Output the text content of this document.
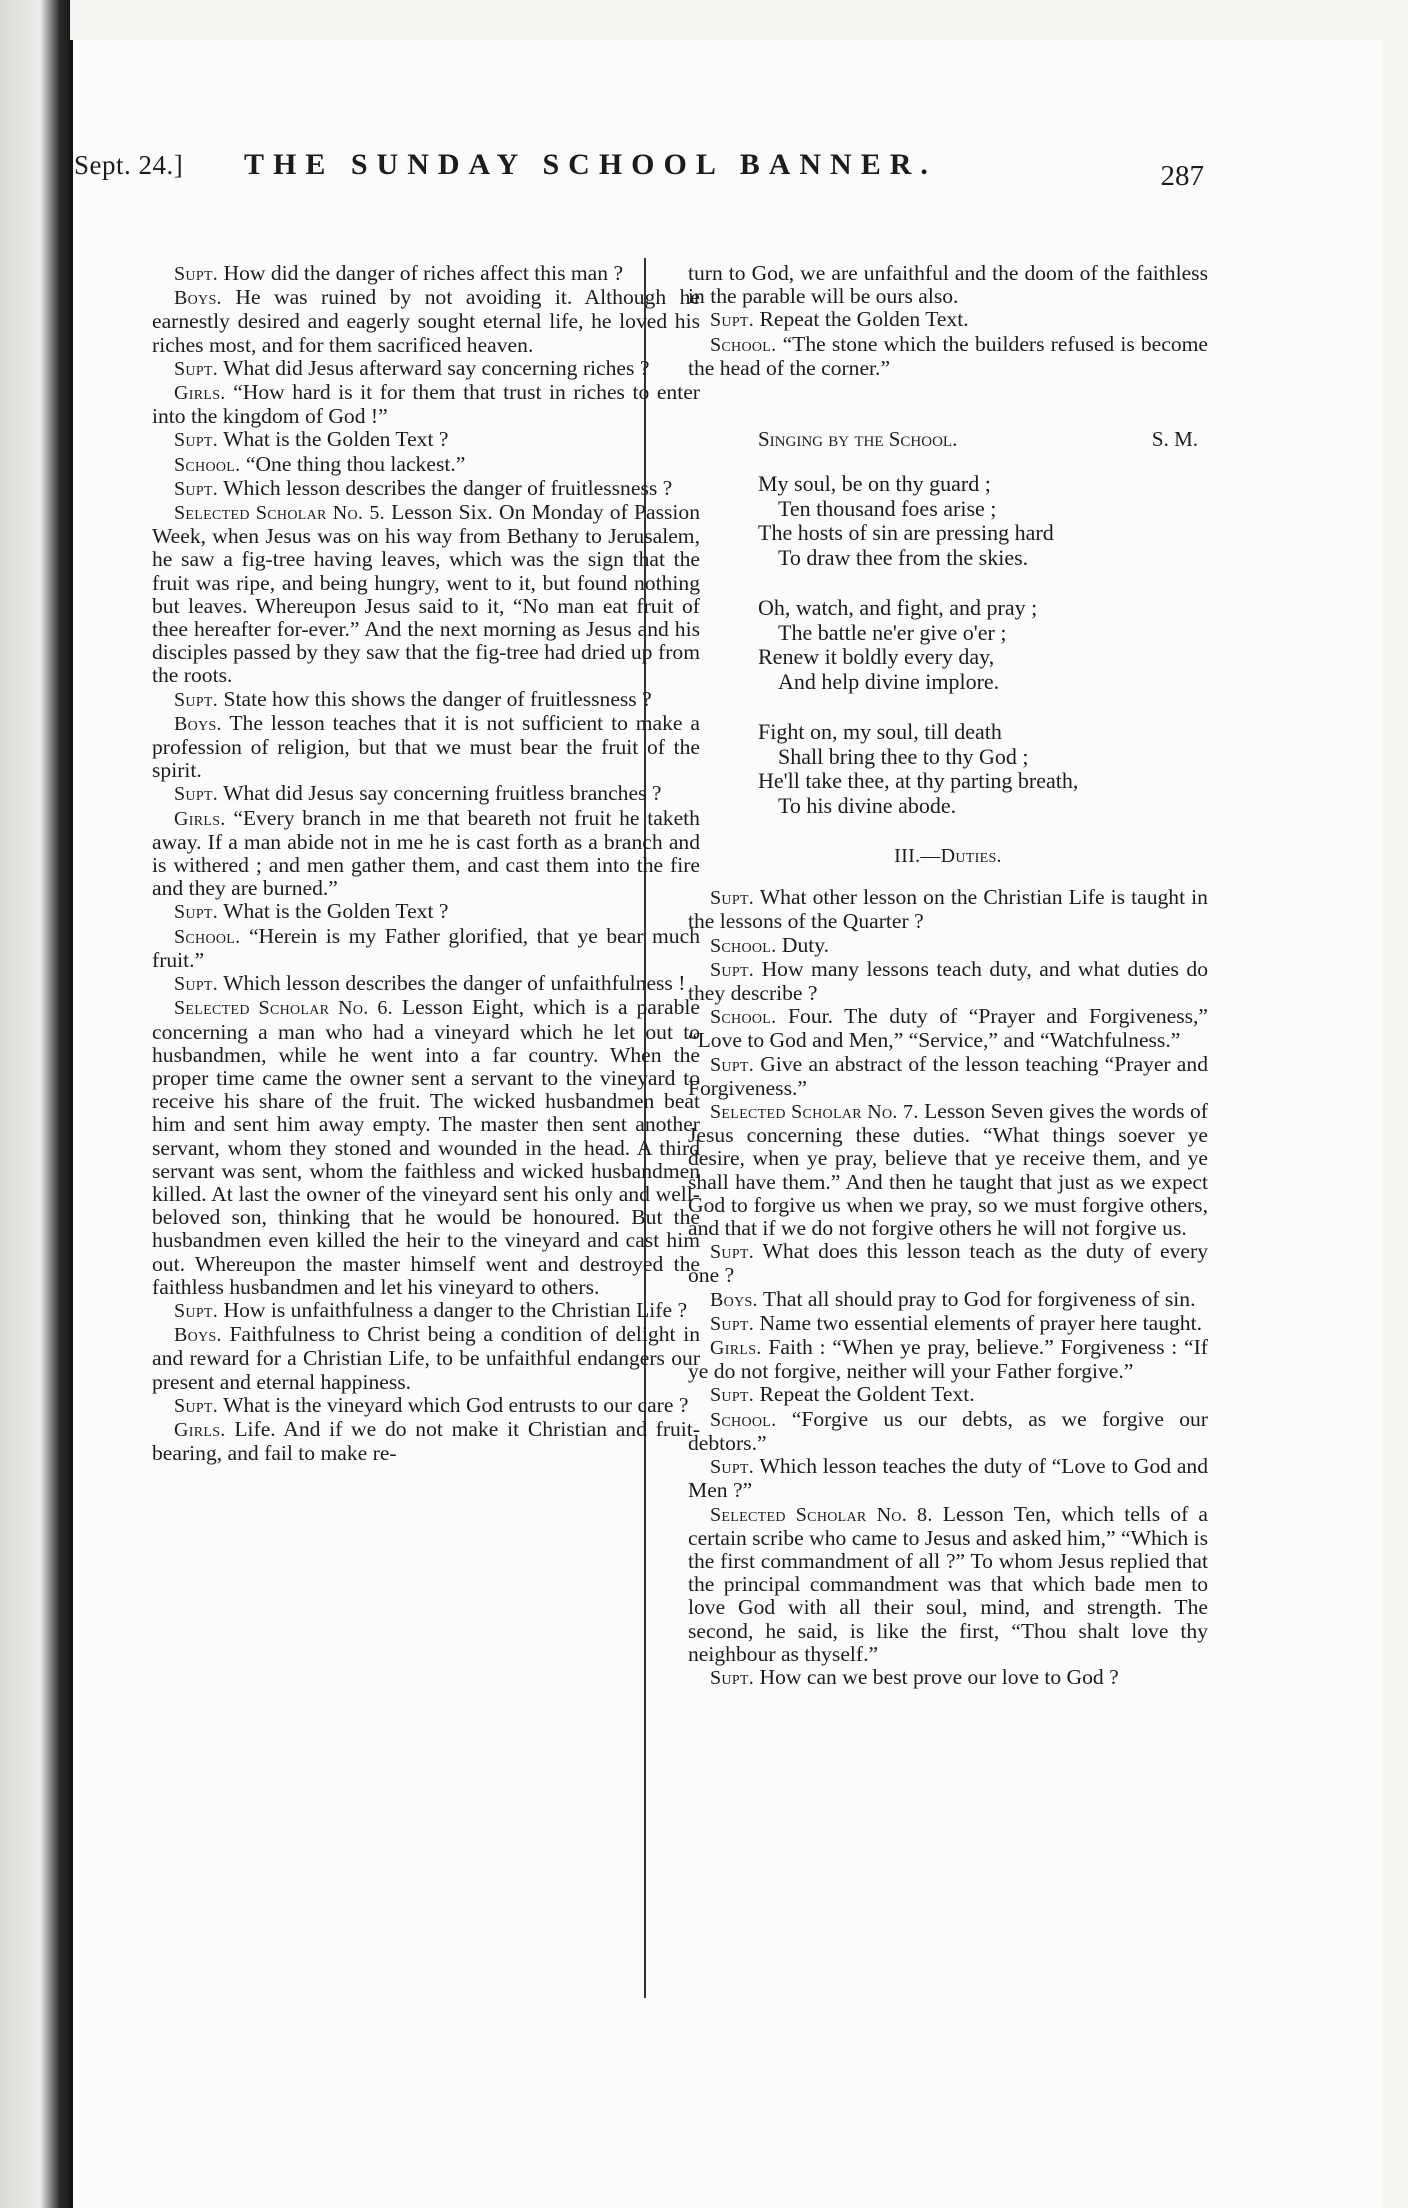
Sept. 24.] THE SUNDAY SCHOOL BANNER.	287

Supt. How did the danger of riches affect this man ?

Boys. He was ruined by not avoiding it. Although he earnestly desired and eagerly sought eternal life, he loved his riches most, and for them sacrificed heaven.

Supt. What did Jesus afterward say concerning riches ?

Girls. “How hard is it for them that trust in riches to enter into the kingdom of God !”

Supt. What is the Golden Text ?

School. “One thing thou lackest.”

Supt. Which lesson describes the danger of fruitlessness ?

Selected Scholar No. 5. Lesson Six. On Monday of Passion Week, when Jesus was on his way from Bethany to Jerusalem, he saw a fig-tree having leaves, which was the sign that the fruit was ripe, and being hungry, went to it, but found nothing but leaves. Whereupon Jesus said to it, “No man eat fruit of thee hereafter for-ever.” And the next morning as Jesus and his disciples passed by they saw that the fig-tree had dried up from the roots.

Supt. State how this shows the danger of fruitlessness ?

Boys. The lesson teaches that it is not sufficient to make a profession of religion, but that we must bear the fruit of the spirit.

Supt. What did Jesus say concerning fruitless branches ?

Girls. “Every branch in me that beareth not fruit he taketh away. If a man abide not in me he is cast forth as a branch and is withered ; and men gather them, and cast them into the fire and they are burned.”

Supt. What is the Golden Text ?

School. “Herein is my Father glorified, that ye bear much fruit.”

Supt. Which lesson describes the danger of unfaithfulness !

Selected Scholar No. 6. Lesson Eight, which is a parable concerning a man who had a vineyard which he let out to husbandmen, while he went into a far country. When the proper time came the owner sent a servant to the vineyard to receive his share of the fruit. The wicked husbandmen beat him and sent him away empty. The master then sent another servant, whom they stoned and wounded in the head. A third servant was sent, whom the faithless and wicked husbandmen killed. At last the owner of the vineyard sent his only and well-beloved son, thinking that he would be honoured. But the husbandmen even killed the heir to the vineyard and cast him out. Whereupon the master himself went and destroyed the faithless husbandmen and let his vineyard to others.

Supt. How is unfaithfulness a danger to the Christian Life ?

Boys. Faithfulness to Christ being a condition of delight in and reward for a Christian Life, to be unfaithful endangers our present and eternal happiness.

Supt. What is the vineyard which God entrusts to our care ?

Girls. Life. And if we do not make it Christian and fruit-bearing, and fail to make re-

turn to God, we are unfaithful and the doom of the faithless in the parable will be ours also.

Supt. Repeat the Golden Text.

School. “The stone which the builders refused is become the head of the corner.”

Singing by the School.	S. M.
My soul, be on thy guard ;
Ten thousand foes arise ;
The hosts of sin are pressing hard
To draw thee from the skies.
Oh, watch, and fight, and pray ;
The battle ne'er give o'er ;
Renew it boldly every day,
And help divine implore.
Fight on, my soul, till death
Shall bring thee to thy God ;
He'll take thee, at thy parting breath,
To his divine abode.
III.—Duties.

Supt. What other lesson on the Christian Life is taught in the lessons of the Quarter ?

School. Duty.

Supt. How many lessons teach duty, and what duties do they describe ?

School. Four. The duty of “Prayer and Forgiveness,” “Love to God and Men,” “Service,” and “Watchfulness.”

Supt. Give an abstract of the lesson teaching “Prayer and Forgiveness.”

Selected Scholar No. 7. Lesson Seven gives the words of Jesus concerning these duties. “What things soever ye desire, when ye pray, believe that ye receive them, and ye shall have them.” And then he taught that just as we expect God to forgive us when we pray, so we must forgive others, and that if we do not forgive others he will not forgive us.

Supt. What does this lesson teach as the duty of every one ?

Boys. That all should pray to God for forgiveness of sin.

Supt. Name two essential elements of prayer here taught.

Girls. Faith : “When ye pray, believe.” Forgiveness : “If ye do not forgive, neither will your Father forgive.”

Supt. Repeat the Goldent Text.

School. “Forgive us our debts, as we forgive our debtors.”

Supt. Which lesson teaches the duty of “Love to God and Men ?”

Selected Scholar No. 8. Lesson Ten, which tells of a certain scribe who came to Jesus and asked him,” “Which is the first commandment of all ?” To whom Jesus replied that the principal commandment was that which bade men to love God with all their soul, mind, and strength. The second, he said, is like the first, “Thou shalt love thy neighbour as thyself.”

Supt. How can we best prove our love to God ?
